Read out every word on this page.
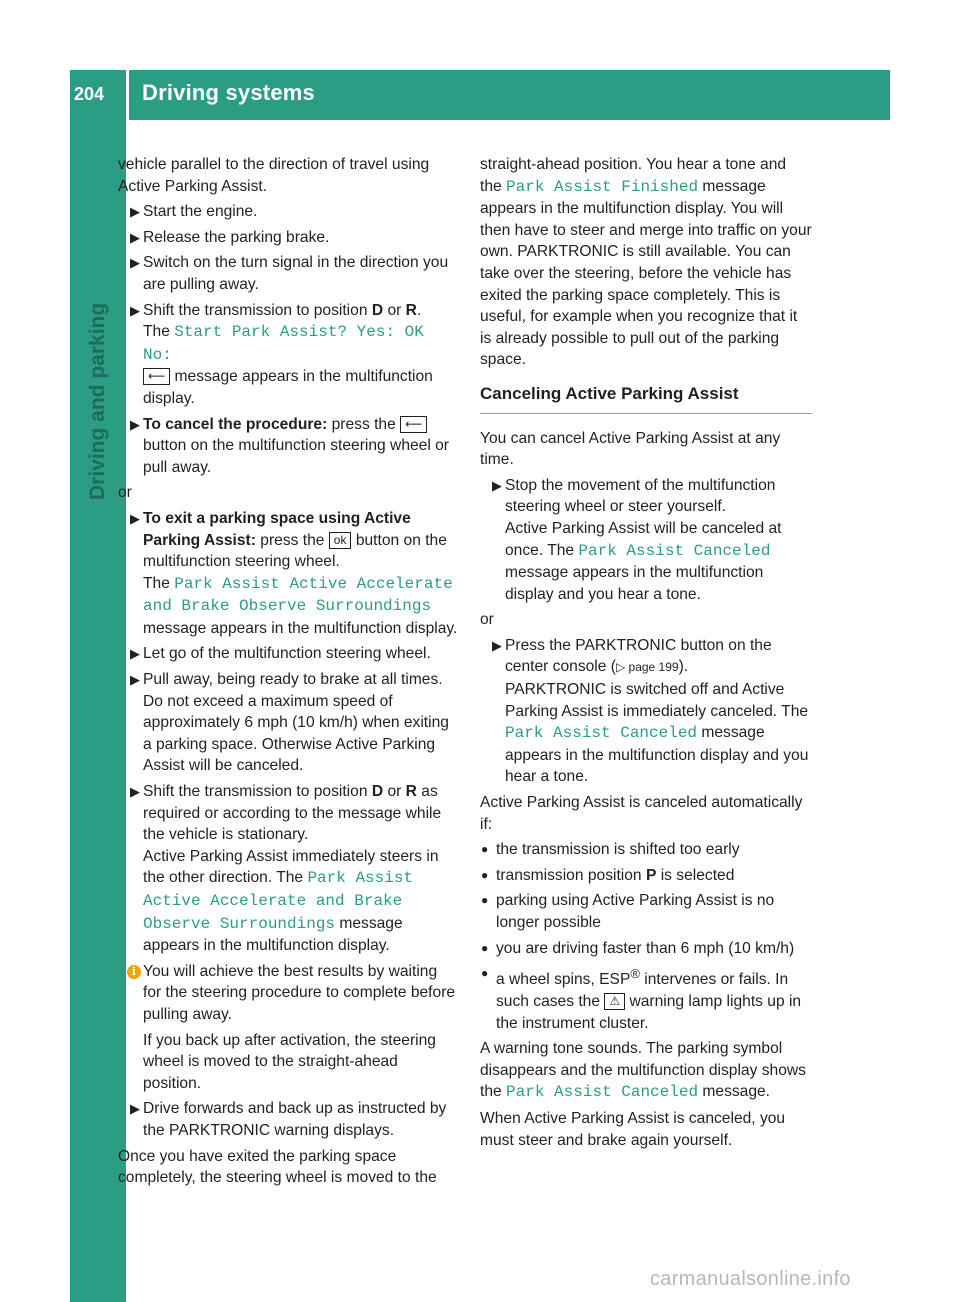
204	Driving systems
Driving and parking

vehicle parallel to the direction of travel using Active Parking Assist.

▶ Start the engine.
▶ Release the parking brake.
▶ Switch on the turn signal in the direction you are pulling away.
▶ Shift the transmission to position D or R.
The Start Park Assist? Yes: OK No:
⟵ message appears in the multifunction display.
▶ To cancel the procedure: press the ⟵ button on the multifunction steering wheel or pull away.

or

▶ To exit a parking space using Active Parking Assist: press the ok button on the multifunction steering wheel.
The Park Assist Active Accelerate and Brake Observe Surroundings message appears in the multifunction display.
▶ Let go of the multifunction steering wheel.
▶ Pull away, being ready to brake at all times. Do not exceed a maximum speed of approximately 6 mph (10 km/h) when exiting a parking space. Otherwise Active Parking Assist will be canceled.
▶ Shift the transmission to position D or R as required or according to the message while the vehicle is stationary.
Active Parking Assist immediately steers in the other direction. The Park Assist Active Accelerate and Brake Observe Surroundings message appears in the multifunction display.
i You will achieve the best results by waiting for the steering procedure to complete before pulling away.
If you back up after activation, the steering wheel is moved to the straight-ahead position.
▶ Drive forwards and back up as instructed by the PARKTRONIC warning displays.

Once you have exited the parking space completely, the steering wheel is moved to the

straight-ahead position. You hear a tone and the Park Assist Finished message appears in the multifunction display. You will then have to steer and merge into traffic on your own. PARKTRONIC is still available. You can take over the steering, before the vehicle has exited the parking space completely. This is useful, for example when you recognize that it is already possible to pull out of the parking space.

Canceling Active Parking Assist

You can cancel Active Parking Assist at any time.

▶ Stop the movement of the multifunction steering wheel or steer yourself.
Active Parking Assist will be canceled at once. The Park Assist Canceled message appears in the multifunction display and you hear a tone.

or

▶ Press the PARKTRONIC button on the center console (▷ page 199).
PARKTRONIC is switched off and Active Parking Assist is immediately canceled. The Park Assist Canceled message appears in the multifunction display and you hear a tone.

Active Parking Assist is canceled automatically if:

● the transmission is shifted too early
● transmission position P is selected
● parking using Active Parking Assist is no longer possible
● you are driving faster than 6 mph (10 km/h)
● a wheel spins, ESP® intervenes or fails. In such cases the ⚠ warning lamp lights up in the instrument cluster.

A warning tone sounds. The parking symbol disappears and the multifunction display shows the Park Assist Canceled message.

When Active Parking Assist is canceled, you must steer and brake again yourself.

carmanualsonline.info
